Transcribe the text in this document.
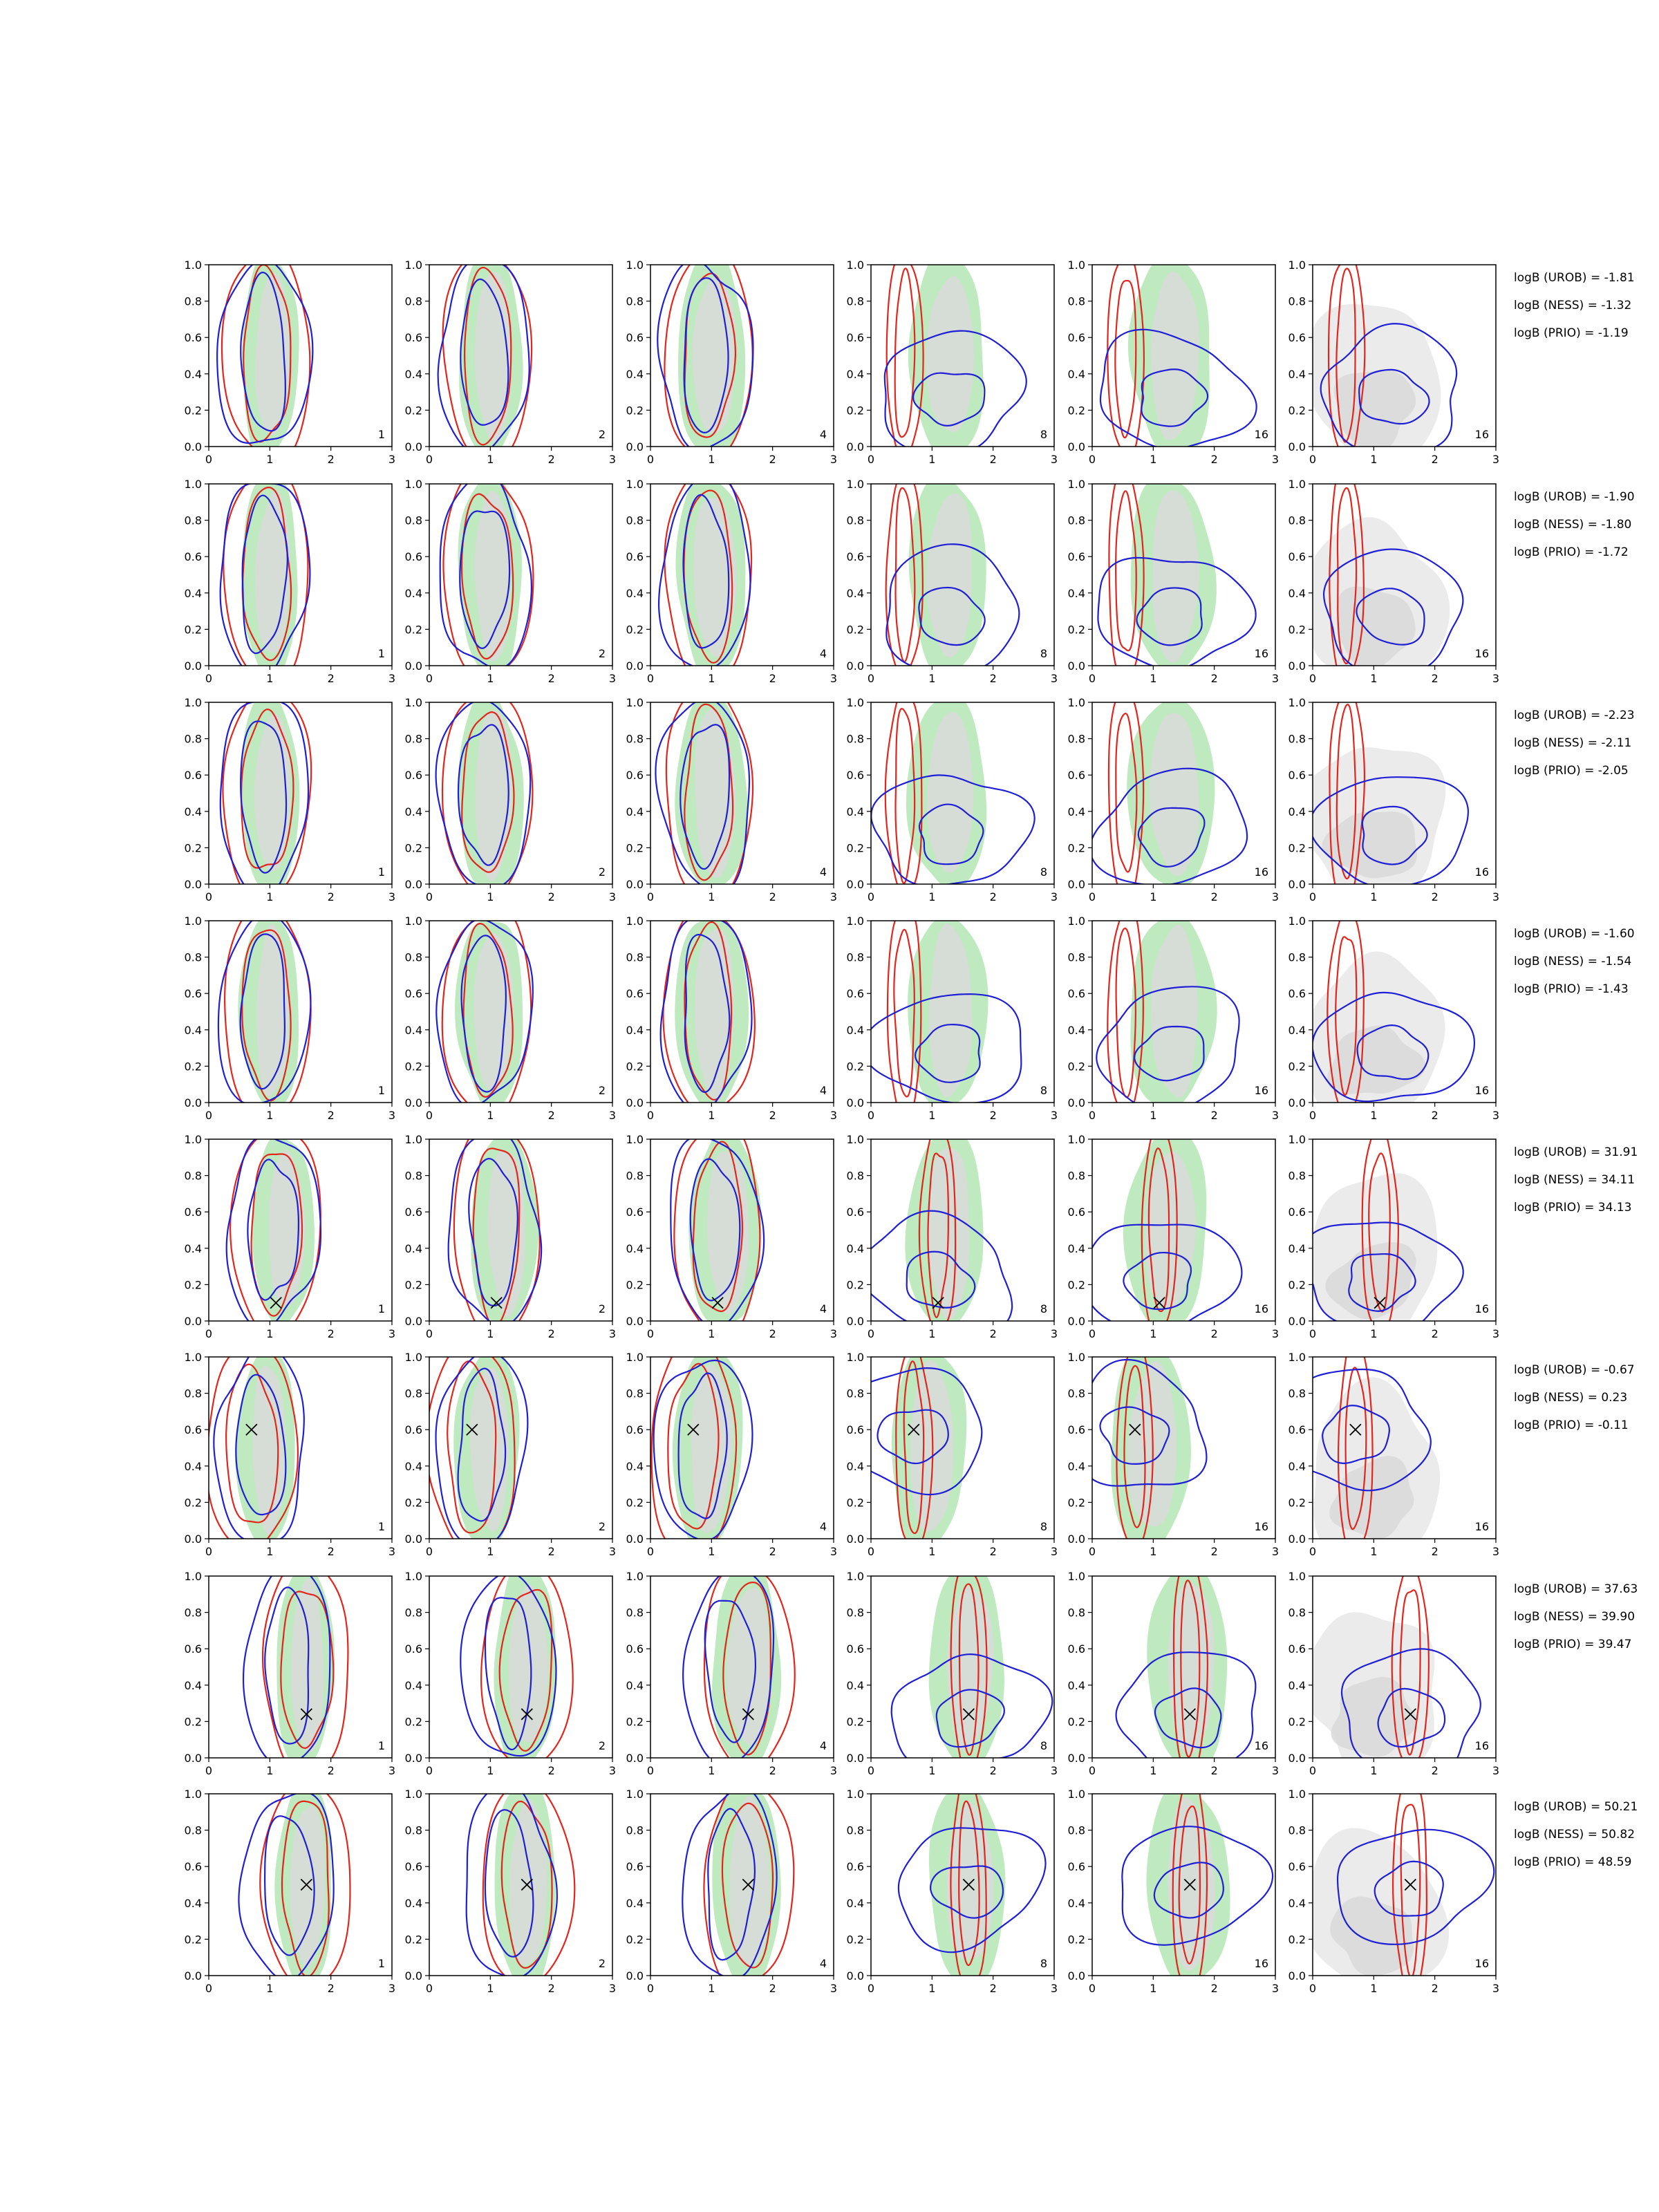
0	1	2	3
0.0
0.2
0.4
0.6
0.8
1.0
1
0	1	2	3
0.0
0.2
0.4
0.6
0.8
1.0
2
0	1	2	3
0.0
0.2
0.4
0.6
0.8
1.0
4
0	1	2	3
0.0
0.2
0.4
0.6
0.8
1.0
8
0	1	2	3
0.0
0.2
0.4
0.6
0.8
1.0
16
0	1	2	3
0.0
0.2
0.4
0.6
0.8
1.0
16
logB (UROB) = -1.81
logB (NESS) = -1.32
logB (PRIO) = -1.19
0	1	2	3
0.0
0.2
0.4
0.6
0.8
1.0
1
0	1	2	3
0.0
0.2
0.4
0.6
0.8
1.0
2
0	1	2	3
0.0
0.2
0.4
0.6
0.8
1.0
4
0	1	2	3
0.0
0.2
0.4
0.6
0.8
1.0
8
0	1	2	3
0.0
0.2
0.4
0.6
0.8
1.0
16
0	1	2	3
0.0
0.2
0.4
0.6
0.8
1.0
16
logB (UROB) = -1.90
logB (NESS) = -1.80
logB (PRIO) = -1.72
0	1	2	3
0.0
0.2
0.4
0.6
0.8
1.0
1
0	1	2	3
0.0
0.2
0.4
0.6
0.8
1.0
2
0	1	2	3
0.0
0.2
0.4
0.6
0.8
1.0
4
0	1	2	3
0.0
0.2
0.4
0.6
0.8
1.0
8
0	1	2	3
0.0
0.2
0.4
0.6
0.8
1.0
16
0	1	2	3
0.0
0.2
0.4
0.6
0.8
1.0
16
logB (UROB) = -2.23
logB (NESS) = -2.11
logB (PRIO) = -2.05
0	1	2	3
0.0
0.2
0.4
0.6
0.8
1.0
1
0	1	2	3
0.0
0.2
0.4
0.6
0.8
1.0
2
0	1	2	3
0.0
0.2
0.4
0.6
0.8
1.0
4
0	1	2	3
0.0
0.2
0.4
0.6
0.8
1.0
8
0	1	2	3
0.0
0.2
0.4
0.6
0.8
1.0
16
0	1	2	3
0.0
0.2
0.4
0.6
0.8
1.0
16
logB (UROB) = -1.60
logB (NESS) = -1.54
logB (PRIO) = -1.43
0	1	2	3
0.0
0.2
0.4
0.6
0.8
1.0
1
0	1	2	3
0.0
0.2
0.4
0.6
0.8
1.0
2
0	1	2	3
0.0
0.2
0.4
0.6
0.8
1.0
4
0	1	2	3
0.0
0.2
0.4
0.6
0.8
1.0
8
0	1	2	3
0.0
0.2
0.4
0.6
0.8
1.0
16
0	1	2	3
0.0
0.2
0.4
0.6
0.8
1.0
16
logB (UROB) = 31.91
logB (NESS) = 34.11
logB (PRIO) = 34.13
0	1	2	3
0.0
0.2
0.4
0.6
0.8
1.0
1
0	1	2	3
0.0
0.2
0.4
0.6
0.8
1.0
2
0	1	2	3
0.0
0.2
0.4
0.6
0.8
1.0
4
0	1	2	3
0.0
0.2
0.4
0.6
0.8
1.0
8
0	1	2	3
0.0
0.2
0.4
0.6
0.8
1.0
16
0	1	2	3
0.0
0.2
0.4
0.6
0.8
1.0
16
logB (UROB) = -0.67
logB (NESS) = 0.23
logB (PRIO) = -0.11
0	1	2	3
0.0
0.2
0.4
0.6
0.8
1.0
1
0	1	2	3
0.0
0.2
0.4
0.6
0.8
1.0
2
0	1	2	3
0.0
0.2
0.4
0.6
0.8
1.0
4
0	1	2	3
0.0
0.2
0.4
0.6
0.8
1.0
8
0	1	2	3
0.0
0.2
0.4
0.6
0.8
1.0
16
0	1	2	3
0.0
0.2
0.4
0.6
0.8
1.0
16
logB (UROB) = 37.63
logB (NESS) = 39.90
logB (PRIO) = 39.47
0	1	2	3
0.0
0.2
0.4
0.6
0.8
1.0
1
0	1	2	3
0.0
0.2
0.4
0.6
0.8
1.0
2
0	1	2	3
0.0
0.2
0.4
0.6
0.8
1.0
4
0	1	2	3
0.0
0.2
0.4
0.6
0.8
1.0
8
0	1	2	3
0.0
0.2
0.4
0.6
0.8
1.0
16
0	1	2	3
0.0
0.2
0.4
0.6
0.8
1.0
16
logB (UROB) = 50.21
logB (NESS) = 50.82
logB (PRIO) = 48.59
